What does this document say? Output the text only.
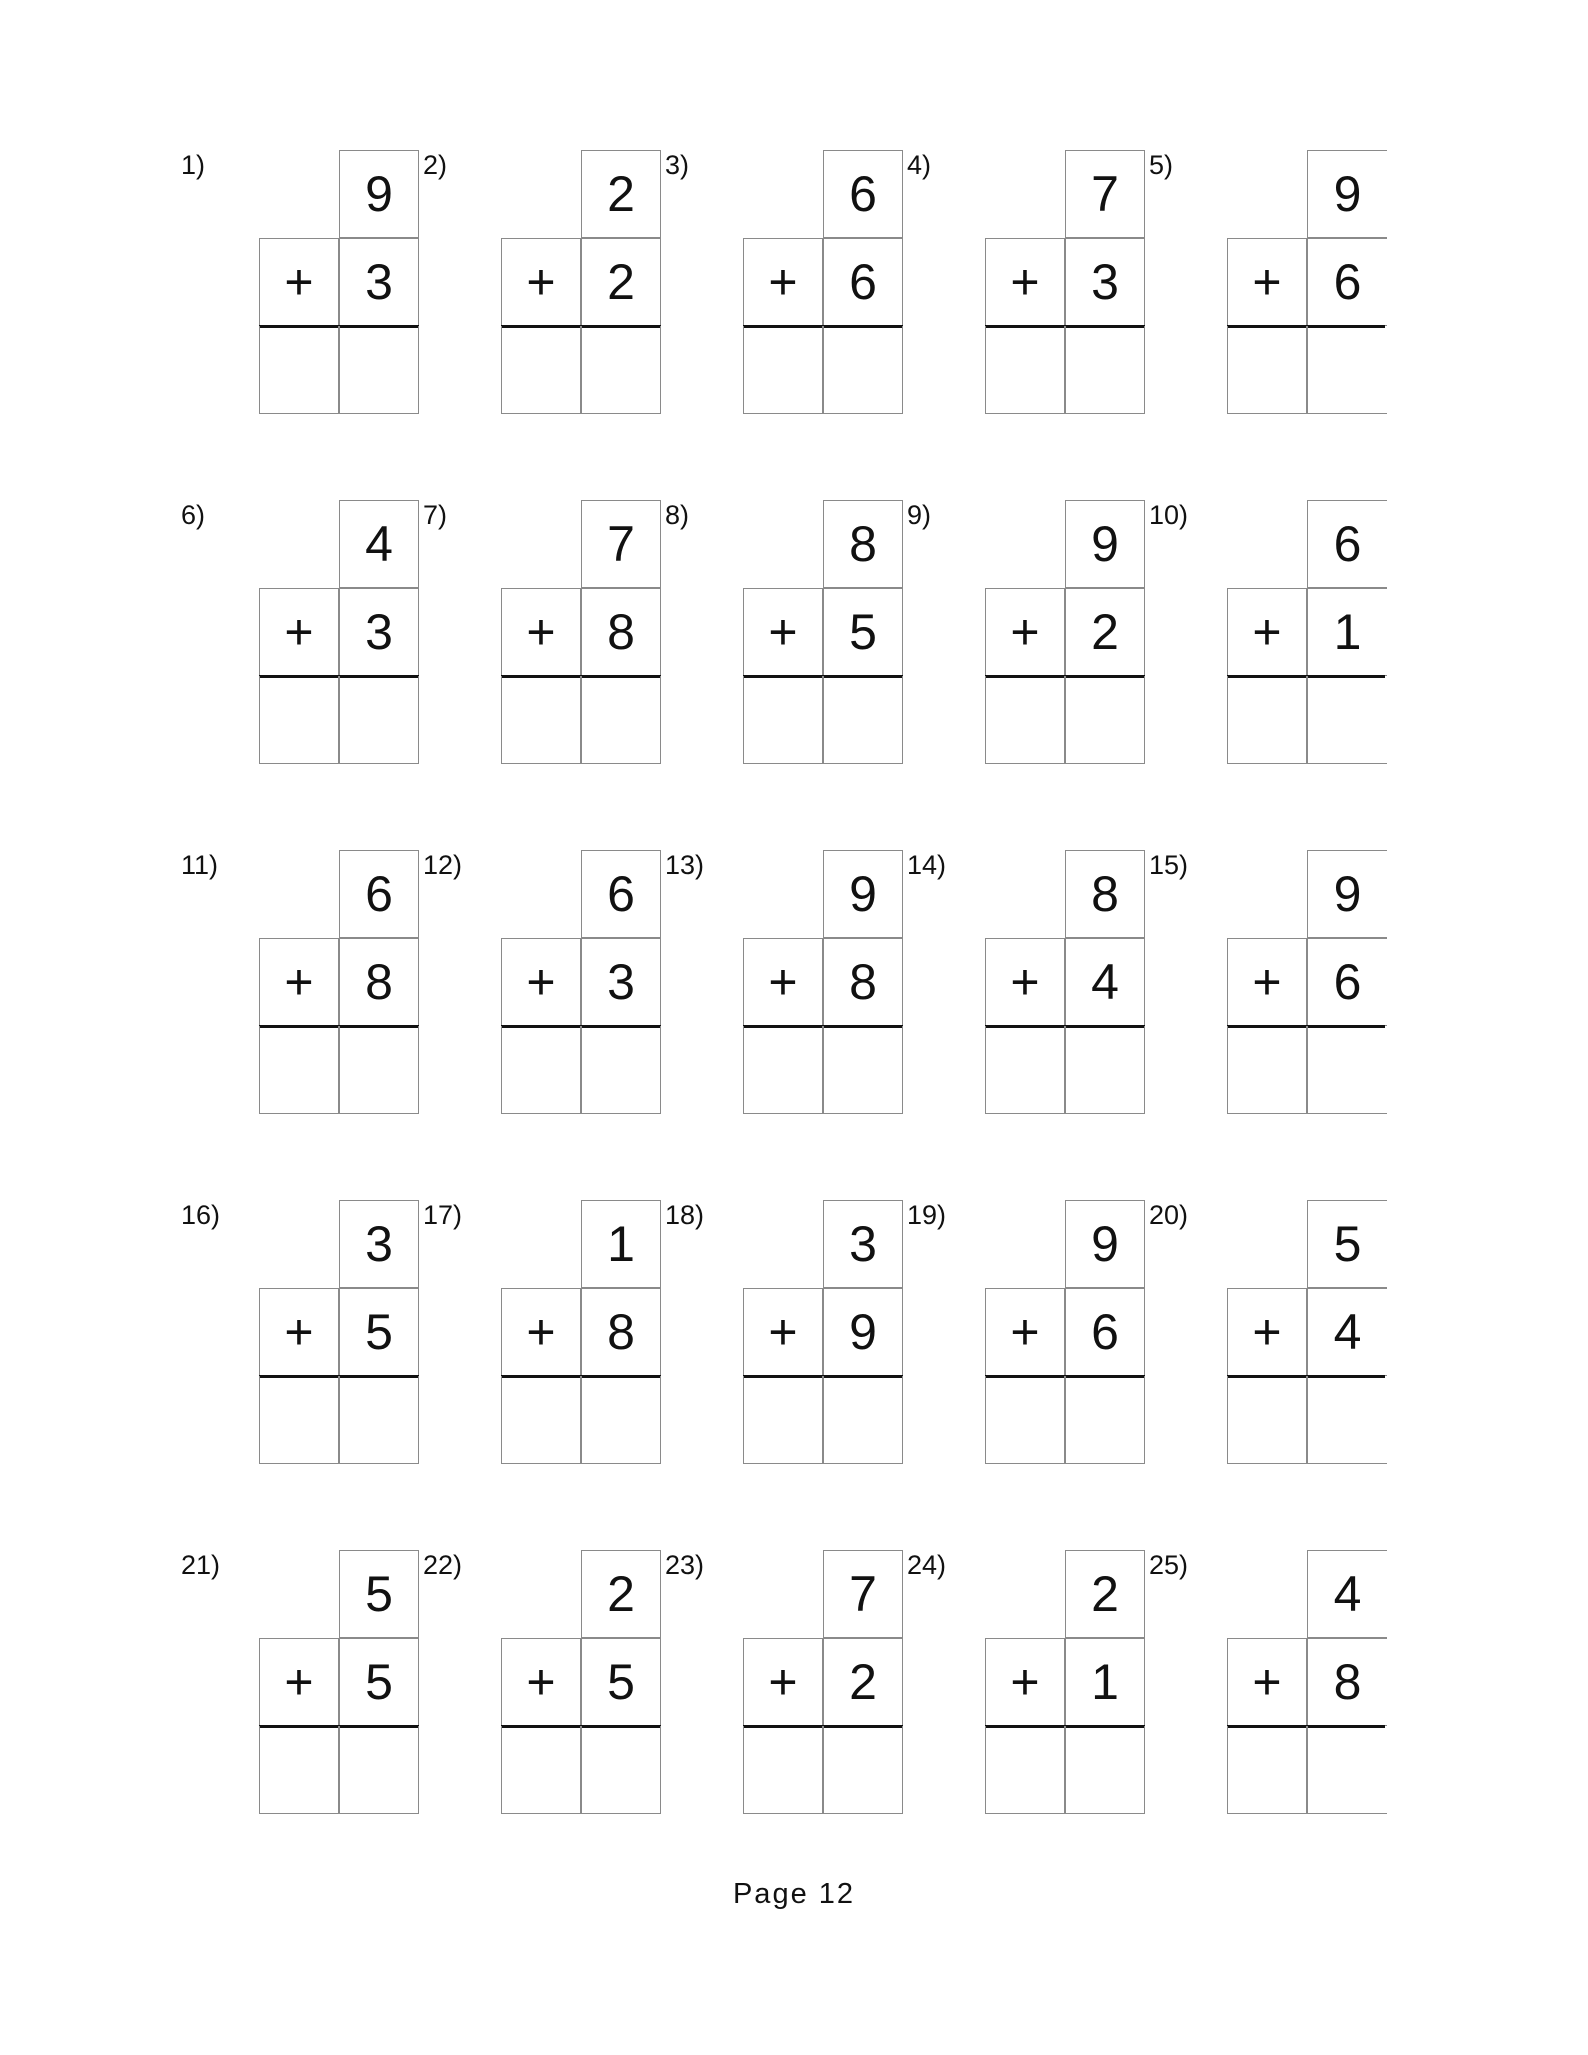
1)
9
+	3
2)
2
+	2
3)
6
+	6
4)
7
+	3
5)
9
+	6
6)
4
+	3
7)
7
+	8
8)
8
+	5
9)
9
+	2
10)
6
+	1
11)
6
+	8
12)
6
+	3
13)
9
+	8
14)
8
+	4
15)
9
+	6
16)
3
+	5
17)
1
+	8
18)
3
+	9
19)
9
+	6
20)
5
+	4
21)
5
+	5
22)
2
+	5
23)
7
+	2
24)
2
+	1
25)
4
+	8
Page 12
